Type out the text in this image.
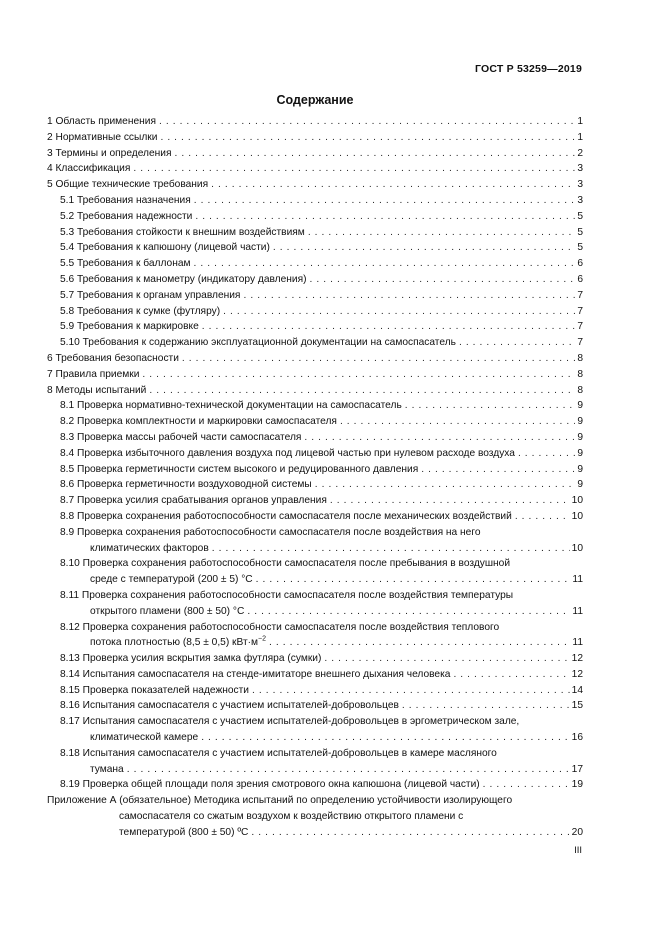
ГОСТ Р 53259—2019
Содержание
1 Область применения . . .	1
2 Нормативные ссылки . . .	1
3 Термины и определения . . .	2
4 Классификация . . .	3
5 Общие технические требования . . .	3
5.1 Требования назначения . . .	3
5.2 Требования надежности . . .	5
5.3 Требования стойкости к внешним воздействиям . . .	5
5.4 Требования к капюшону (лицевой части) . . .	5
5.5 Требования к баллонам . . .	6
5.6 Требования к манометру (индикатору давления) . . .	6
5.7 Требования к органам управления . . .	7
5.8 Требования к сумке (футляру) . . .	7
5.9 Требования к маркировке . . .	7
5.10 Требования к содержанию эксплуатационной документации на самоспасатель . . .	7
6 Требования безопасности . . .	8
7 Правила приемки . . .	8
8 Методы испытаний . . .	8
8.1 Проверка нормативно-технической документации на самоспасатель . . .	9
8.2 Проверка комплектности и маркировки самоспасателя . . .	9
8.3 Проверка массы рабочей части самоспасателя . . .	9
8.4 Проверка избыточного давления воздуха под лицевой частью при нулевом расходе воздуха . . .	9
8.5 Проверка герметичности систем высокого и редуцированного давления . . .	9
8.6 Проверка герметичности воздуховодной системы . . .	9
8.7 Проверка усилия срабатывания органов управления . . .	10
8.8 Проверка сохранения работоспособности самоспасателя после механических воздействий . . .	10
8.9 Проверка сохранения работоспособности самоспасателя после воздействия на него
климатических факторов . . .	10
8.10 Проверка сохранения работоспособности самоспасателя после пребывания в воздушной
среде с температурой (200 ± 5) °С . . .	11
8.11 Проверка сохранения работоспособности самоспасателя после воздействия температуры
открытого пламени (800 ± 50) °С . . .	11
8.12 Проверка сохранения работоспособности самоспасателя после воздействия теплового
потока плотностью (8,5 ± 0,5) $кВт\cdot м^{-2}$ . . .	11
8.13 Проверка усилия вскрытия замка футляра (сумки) . . .	12
8.14 Испытания самоспасателя на стенде-имитаторе внешнего дыхания человека . . .	12
8.15 Проверка показателей надежности . . .	14
8.16 Испытания самоспасателя с участием испытателей-добровольцев . . .	15
8.17 Испытания самоспасателя с участием испытателей-добровольцев в эргометрическом зале,
климатической камере . . .	16
8.18 Испытания самоспасателя с участием испытателей-добровольцев в камере масляного
тумана . . .	17
8.19 Проверка общей площади поля зрения смотрового окна капюшона (лицевой части) . . .	19
Приложение А (обязательное) Методика испытаний по определению устойчивости изолирующего
самоспасателя со сжатым воздухом к воздействию открытого пламени с
температурой (800 ± 50) ºС . . .	20
III
